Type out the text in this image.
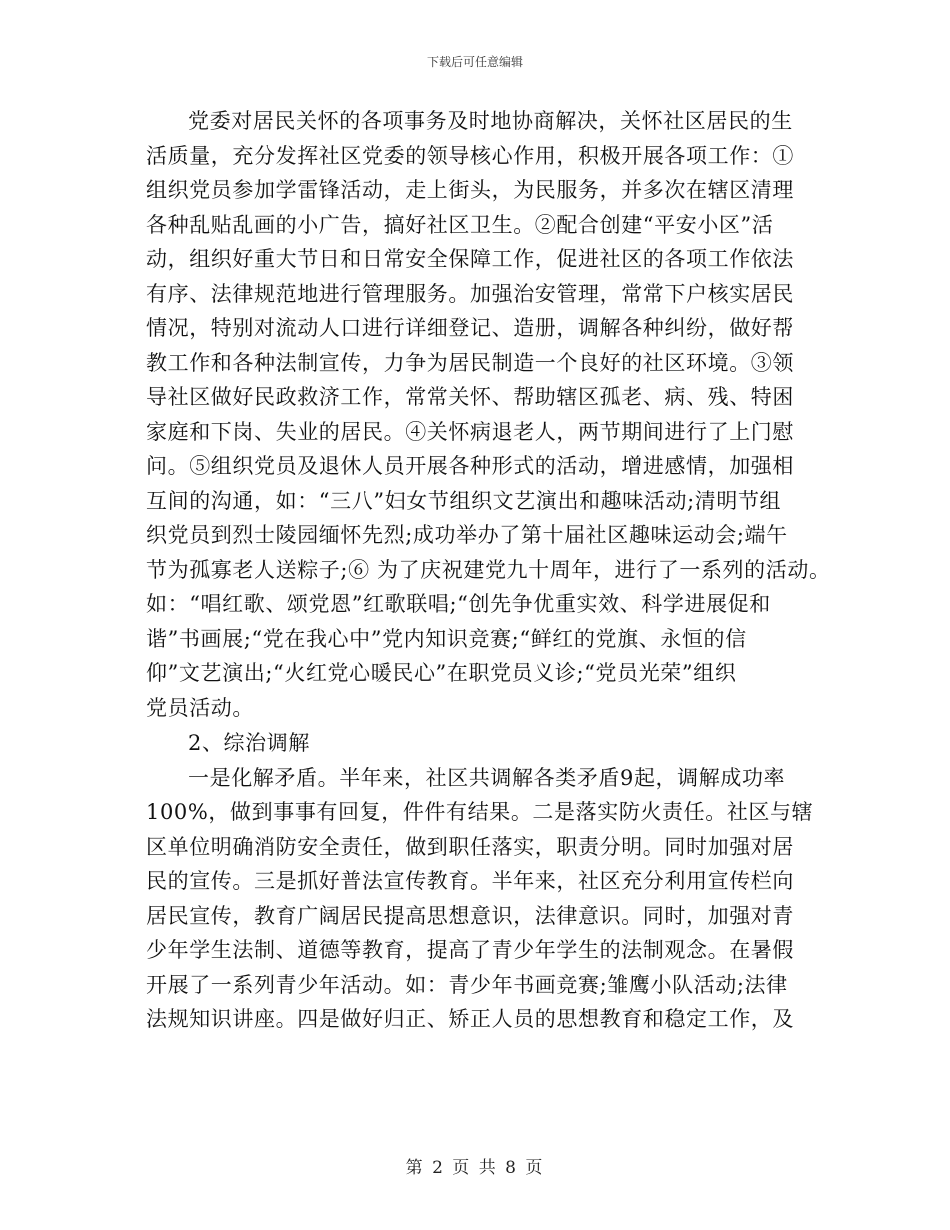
下载后可任意编辑
党委对居民关怀的各项事务及时地协商解决，关怀社区居民的生
活质量，充分发挥社区党委的领导核心作用，积极开展各项工作：①
组织党员参加学雷锋活动，走上街头，为民服务，并多次在辖区清理
各种乱贴乱画的小广告，搞好社区卫生。②配合创建“平安小区”活
动，组织好重大节日和日常安全保障工作，促进社区的各项工作依法
有序、法律规范地进行管理服务。加强治安管理，常常下户核实居民
情况，特别对流动人口进行详细登记、造册，调解各种纠纷，做好帮
教工作和各种法制宣传，力争为居民制造一个良好的社区环境。③领
导社区做好民政救济工作，常常关怀、帮助辖区孤老、病、残、特困
家庭和下岗、失业的居民。④关怀病退老人，两节期间进行了上门慰
问。⑤组织党员及退休人员开展各种形式的活动，增进感情，加强相
互间的沟通，如：“三八”妇女节组织文艺演出和趣味活动;清明节组
织党员到烈士陵园缅怀先烈;成功举办了第十届社区趣味运动会;端午
节为孤寡老人送粽子;⑥ 为了庆祝建党九十周年，进行了一系列的活动。
如：“唱红歌、颂党恩”红歌联唱;“创先争优重实效、科学进展促和
谐”书画展;“党在我心中”党内知识竞赛;“鲜红的党旗、永恒的信
仰”文艺演出;“火红党心暖民心”在职党员义诊;“党员光荣”组织
党员活动。
2、综治调解
一是化解矛盾。半年来，社区共调解各类矛盾9起，调解成功率
100%，做到事事有回复，件件有结果。二是落实防火责任。社区与辖
区单位明确消防安全责任，做到职任落实，职责分明。同时加强对居
民的宣传。三是抓好普法宣传教育。半年来，社区充分利用宣传栏向
居民宣传，教育广阔居民提高思想意识，法律意识。同时，加强对青
少年学生法制、道德等教育，提高了青少年学生的法制观念。在暑假
开展了一系列青少年活动。如：青少年书画竞赛;雏鹰小队活动;法律
法规知识讲座。四是做好归正、矫正人员的思想教育和稳定工作，及
第 2 页 共 8 页
